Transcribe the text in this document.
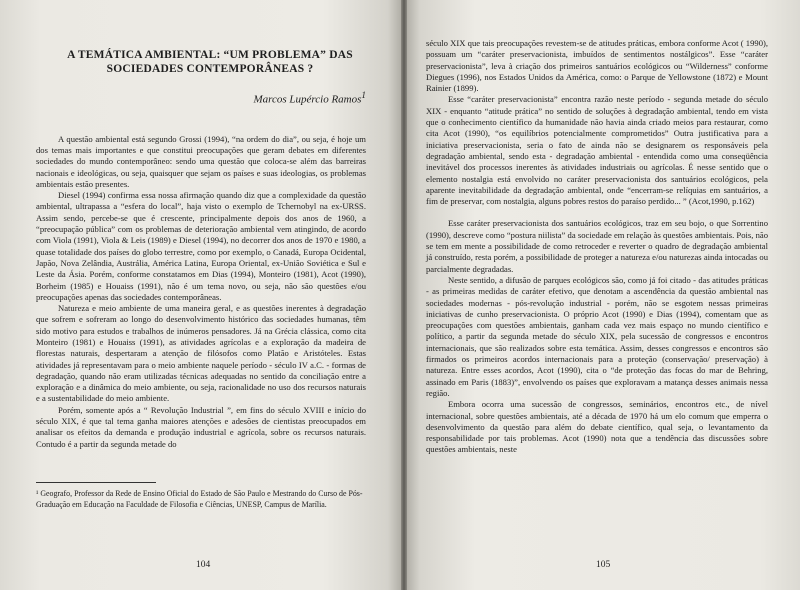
A TEMÁTICA AMBIENTAL: “UM PROBLEMA” DAS SOCIEDADES CONTEMPORÂNEAS ?
Marcos Lupércio Ramos$^1$

A questão ambiental está segundo Grossi (1994), “na ordem do dia”, ou seja, é hoje um dos temas mais importantes e que constitui preocupações que geram debates em diferentes sociedades do mundo contemporâneo: sendo uma questão que coloca-se além das barreiras nacionais e ideológicas, ou seja, quaisquer que sejam os países e suas ideologias, os problemas ambientais estão presentes.

Diesel (1994) confirma essa nossa afirmação quando diz que a complexidade da questão ambiental, ultrapassa a “esfera do local”, haja visto o exemplo de Tchernobyl na ex-URSS. Assim sendo, percebe-se que é crescente, principalmente depois dos anos de 1960, a “preocupação pública” com os problemas de deterioração ambiental vem atingindo, de acordo com Viola (1991), Viola & Leis (1989) e Diesel (1994), no decorrer dos anos de 1970 e 1980, a quase totalidade dos países do globo terrestre, como por exemplo, o Canadá, Europa Ocidental, Japão, Nova Zelândia, Austrália, América Latina, Europa Oriental, ex-União Soviética e Sul e Leste da Ásia. Porém, conforme constatamos em Dias (1994), Monteiro (1981), Acot (1990), Borheim (1985) e Houaiss (1991), não é um tema novo, ou seja, não são questões e/ou preocupações apenas das sociedades contemporâneas.

Natureza e meio ambiente de uma maneira geral, e as questões inerentes à degradação que sofrem e sofreram ao longo do desenvolvimento histórico das sociedades humanas, têm sido motivo para estudos e trabalhos de inúmeros pensadores. Já na Grécia clássica, como cita Monteiro (1981) e Houaiss (1991), as atividades agrícolas e a exploração da madeira de florestas naturais, despertaram a atenção de filósofos como Platão e Aristóteles. Estas atividades já representavam para o meio ambiente naquele período - século IV a.C. - formas de degradação, quando não eram utilizadas técnicas adequadas no sentido da conciliação entre a exploração e a dinâmica do meio ambiente, ou seja, racionalidade no uso dos recursos naturais e a sustentabilidade do meio ambiente.

Porém, somente após a “ Revolução Industrial ”, em fins do século XVIII e início do século XIX, é que tal tema ganha maiores atenções e adesões de cientistas preocupados em analisar os efeitos da demanda e produção industrial e agrícola, sobre os recursos naturais. Contudo é a partir da segunda metade do

¹ Geografo, Professor da Rede de Ensino Oficial do Estado de São Paulo e Mestrando do Curso de Pós-Graduação em Educação na Faculdade de Filosofia e Ciências, UNESP, Campus de Marília.
104

século XIX que tais preocupações revestem-se de atitudes práticas, embora conforme Acot ( 1990), possuam um “caráter preservacionista, imbuídos de sentimentos nostálgicos”. Esse “caráter preservacionista”, leva à criação dos primeiros santuários ecológicos ou “Wilderness” conforme Diegues (1996), nos Estados Unidos da América, como: o Parque de Yellowstone (1872) e Mount Rainier (1899).

Esse “caráter preservacionista” encontra razão neste período - segunda metade do século XIX - enquanto “atitude prática” no sentido de soluções à degradação ambiental, tendo em vista que o conhecimento científico da humanidade não havia ainda criado meios para restaurar, como cita Acot (1990), “os equilíbrios potencialmente comprometidos” Outra justificativa para a iniciativa preservacionista, seria o fato de ainda não se designarem os responsáveis pela degradação ambiental, sendo esta - degradação ambiental - entendida como uma conseqüência inevitável dos processos inerentes às atividades industriais ou agrícolas. É nesse sentido que o elemento nostalgia está envolvido no caráter preservacionista dos santuários ecológicos, pela aparente inevitabilidade da degradação ambiental, onde “encerram-se relíquias em santuários, a fim de preservar, com nostalgia, alguns pobres restos do paraíso perdido... ” (Acot,1990, p.162)

Esse caráter preservacionista dos santuários ecológicos, traz em seu bojo, o que Sorrentino (1990), descreve como “postura niilista” da sociedade em relação às questões ambientais. Pois, não se tem em mente a possibilidade de como retroceder e reverter o quadro de degradação ambiental já construído, resta porém, a possibilidade de proteger a natureza e/ou naturezas ainda intocadas ou parcialmente degradadas.

Neste sentido, a difusão de parques ecológicos são, como já foi citado - das atitudes práticas - as primeiras medidas de caráter efetivo, que denotam a ascendência da questão ambiental nas sociedades modernas - pós-revolução industrial - porém, não se esgotem nessas primeiras iniciativas de cunho preservacionista. O próprio Acot (1990) e Dias (1994), comentam que as preocupações com questões ambientais, ganham cada vez mais espaço no mundo científico e político, a partir da segunda metade do século XIX, pela sucessão de congressos e encontros internacionais, que são realizados sobre esta temática. Assim, desses congressos e encontros são firmados os primeiros acordos internacionais para a proteção (conservação/ preservação) à natureza. Entre esses acordos, Acot (1990), cita o “de proteção das focas do mar de Behring, assinado em Paris (1883)”, envolvendo os países que exploravam a matança desses animais nessa região.

Embora ocorra uma sucessão de congressos, seminários, encontros etc., de nível internacional, sobre questões ambientais, até a década de 1970 há um elo comum que emperra o desenvolvimento da questão para além do debate científico, qual seja, o levantamento da responsabilidade por tais problemas. Acot (1990) nota que a tendência das discussões sobre questões ambientais, neste

105
